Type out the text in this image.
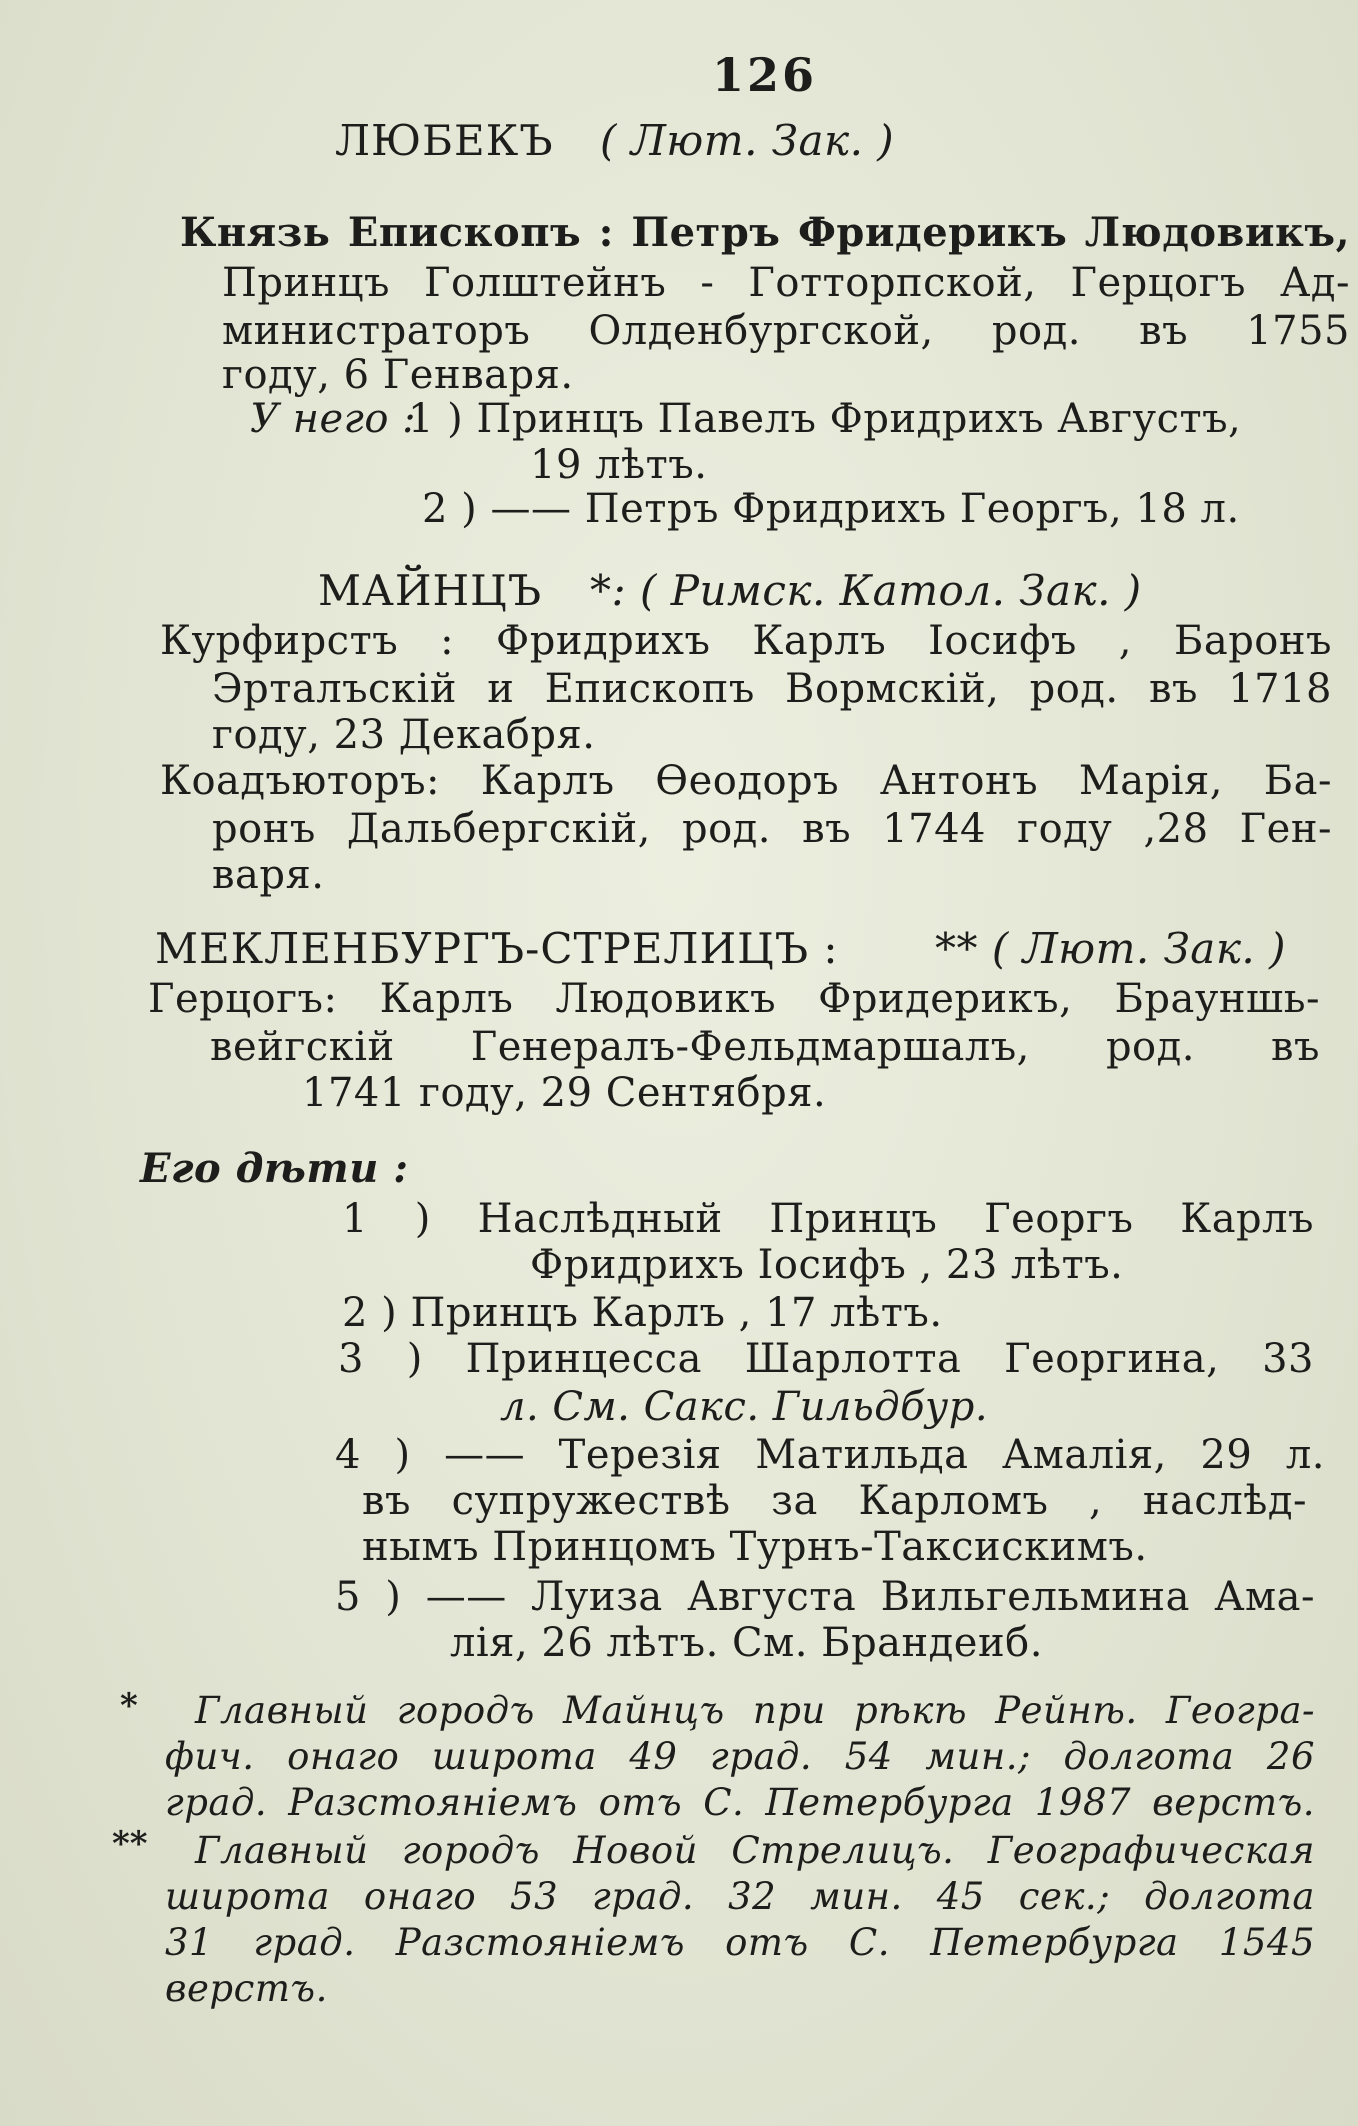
126
ЛЮБЕКЪ ( Лют. Зак. )
Князь Епископъ : Петръ Фридерикъ Людовикъ,
Принцъ Голштейнъ - Готторпской, Герцогъ Ад-
министраторъ Олденбургской, род. въ 1755
году, 6 Генваря.
У него :
1 ) Принцъ Павелъ Фридрихъ Августъ,
19 лѣтъ.
2 ) —— Петръ Фридрихъ Георгъ, 18 л.
МАЙНЦЪ *: ( Римск. Катол. Зак. )
Курфирстъ : Фридрихъ Карлъ Іосифъ , Баронъ
Эрталъскій и Епископъ Вормскій, род. въ 1718
году, 23 Декабря.
Коадъюторъ: Карлъ Ѳеодоръ Антонъ Марія, Ба-
ронъ Дальбергскій, род. въ 1744 году ,28 Ген-
варя.
МЕКЛЕНБУРГЪ-СТРЕЛИЦЪ : ** ( Лют. Зак. )
Герцогъ: Карлъ Людовикъ Фридерикъ, Брауншь-
вейгскій Генералъ-Фельдмаршалъ, род. въ
1741 году, 29 Сентября.
Его дѣти :
1 ) Наслѣдный Принцъ Георгъ Карлъ
Фридрихъ Іосифъ , 23 лѣтъ.
2 ) Принцъ Карлъ , 17 лѣтъ.
3 ) Принцесса Шарлотта Георгина, 33
л. См. Сакс. Гильдбур.
4 ) —— Терезія Матильда Амалія, 29 л.
въ супружествѣ за Карломъ , наслѣд-
нымъ Принцомъ Турнъ-Таксискимъ.
5 ) —— Луиза Августа Вильгельмина Ама-
лія, 26 лѣтъ. См. Брандеиб.
* Главный городъ Майнцъ при рѣкѣ Рейнѣ. Геогра-
фич. онаго широта 49 град. 54 мин.; долгота 26
град. Разстояніемъ отъ С. Петербурга 1987 верстъ.
** Главный городъ Новой Стрелицъ. Географическая
широта онаго 53 град. 32 мин. 45 сек.; долгота
31 град. Разстояніемъ отъ С. Петербурга 1545
верстъ.
